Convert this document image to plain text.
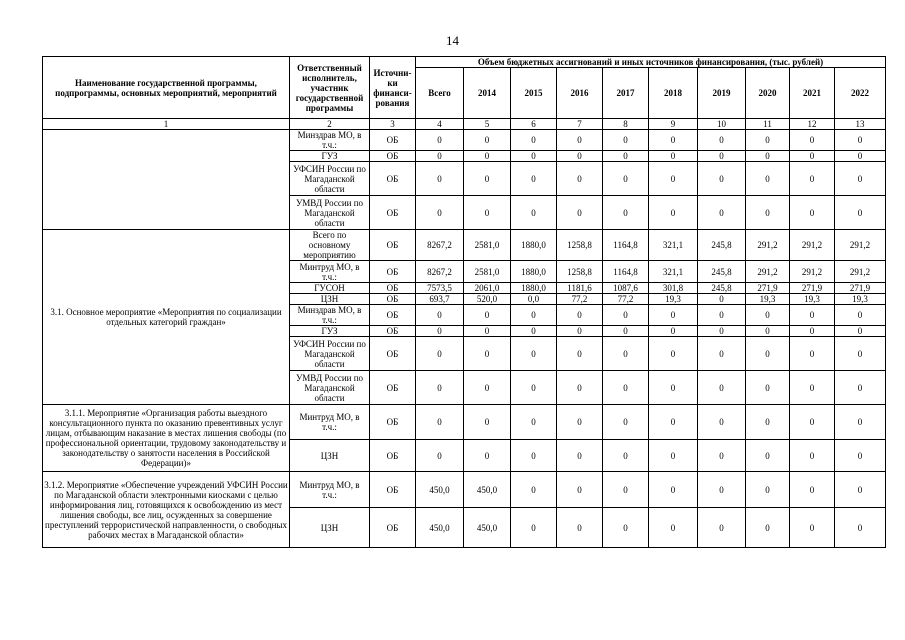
14
Наименование государственной программы, подпрограммы, основных мероприятий, мероприятий	Ответственный исполнитель, участник государственной программы	Источни-ки финанси-рования	Объем бюджетных ассигнований и иных источников финансирования, (тыс. рублей)									
			Всего	2014	2015	2016	2017	2018	2019	2020	2021	2022
1	2	3	4	5	6	7	8	9	10	11	12	13
	Минздрав МО, в т.ч.:	ОБ	0	0	0	0	0	0	0	0	0	0
	ГУЗ	ОБ	0	0	0	0	0	0	0	0	0	0
	УФСИН России по Магаданской области	ОБ	0	0	0	0	0	0	0	0	0	0
	УМВД России по Магаданской области	ОБ	0	0	0	0	0	0	0	0	0	0
3.1. Основное мероприятие «Мероприятия по социализации отдельных категорий граждан»	Всего по основному мероприятию	ОБ	8267,2	2581,0	1880,0	1258,8	1164,8	321,1	245,8	291,2	291,2	291,2
	Минтруд МО, в т.ч.:	ОБ	8267,2	2581,0	1880,0	1258,8	1164,8	321,1	245,8	291,2	291,2	291,2
	ГУСОН	ОБ	7573,5	2061,0	1880,0	1181,6	1087,6	301,8	245,8	271,9	271,9	271,9
	ЦЗН	ОБ	693,7	520,0	0,0	77,2	77,2	19,3	0	19,3	19,3	19,3
	Минздрав МО, в т.ч.:	ОБ	0	0	0	0	0	0	0	0	0	0
	ГУЗ	ОБ	0	0	0	0	0	0	0	0	0	0
	УФСИН России по Магаданской области	ОБ	0	0	0	0	0	0	0	0	0	0
	УМВД России по Магаданской области	ОБ	0	0	0	0	0	0	0	0	0	0
3.1.1. Мероприятие «Организация работы выездного консультационного пункта по оказанию превентивных услуг лицам, отбывающим наказание в местах лишения свободы (по профессиональной ориентации, трудовому законодательству и законодательству о занятости населения в Российской Федерации)»	Минтруд МО, в т.ч.:	ОБ	0	0	0	0	0	0	0	0	0	0
	ЦЗН	ОБ	0	0	0	0	0	0	0	0	0	0
3.1.2. Мероприятие «Обеспечение учреждений УФСИН России по Магаданской области электронными киосками с целью информирования лиц, готовящихся к освобождению из мест лишения свободы, все лиц, осужденных за совершение преступлений террористической направленности, о свободных рабочих местах в Магаданской области»	Минтруд МО, в т.ч.:	ОБ	450,0	450,0	0	0	0	0	0	0	0	0
	ЦЗН	ОБ	450,0	450,0	0	0	0	0	0	0	0	0
